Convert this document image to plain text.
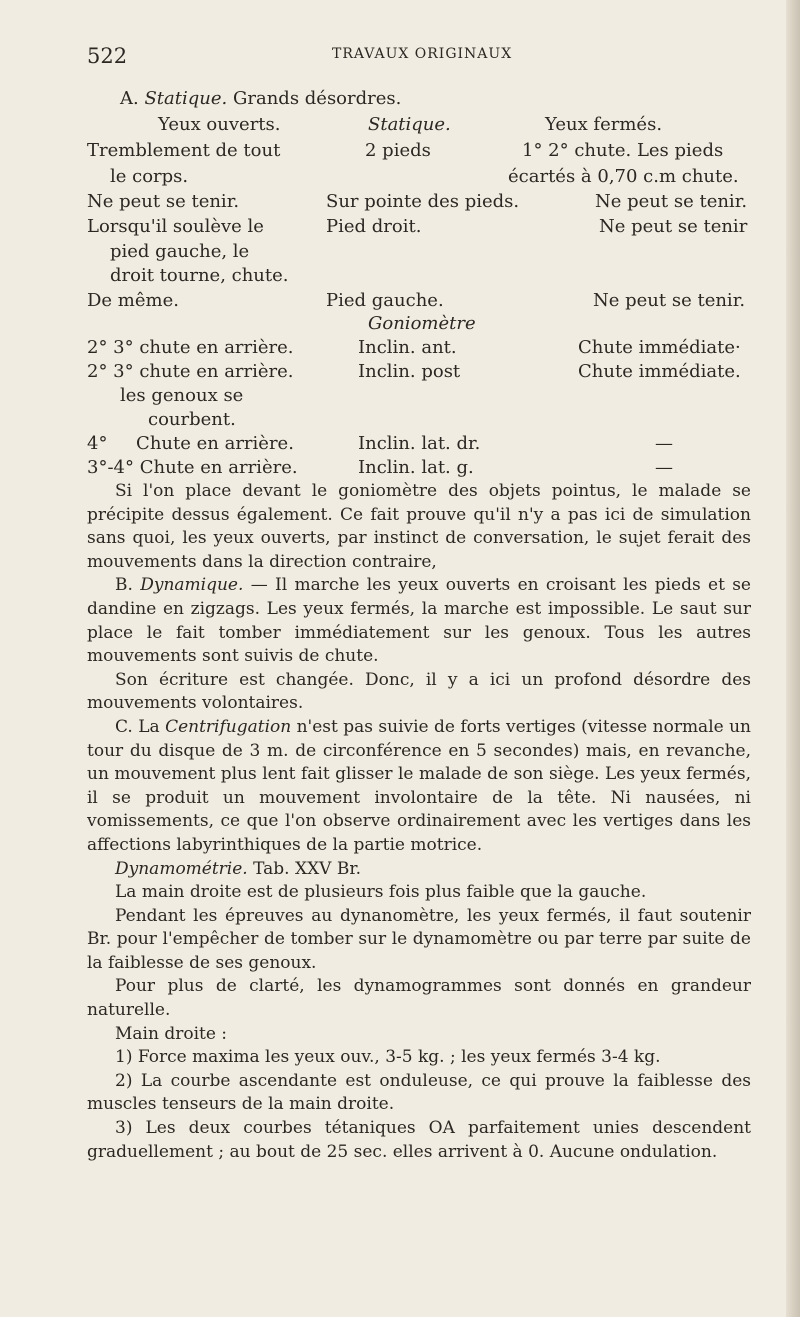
522	TRAVAUX ORIGINAUX
A. Statique. Grands désordres.
Yeux ouverts.	Statique.	Yeux fermés.
Tremblement de tout	2 pieds	1° 2° chute. Les pieds
le corps.	écartés à 0,70 c.m chute.
Ne peut se tenir.	Sur pointe des pieds.	Ne peut se tenir.
Lorsqu'il soulève le	Pied droit.	Ne peut se tenir
pied gauche, le
droit tourne, chute.
De même.	Pied gauche.	Ne peut se tenir.
Goniomètre
2° 3° chute en arrière.	Inclin. ant.	Chute immédiate·
2° 3° chute en arrière.	Inclin. post	Chute immédiate.
les genoux se
courbent.
4°     Chute en arrière.	Inclin. lat. dr.	—
3°-4° Chute en arrière.	Inclin. lat. g.	—

Si l'on place devant le goniomètre des objets pointus, le malade se précipite dessus également. Ce fait prouve qu'il n'y a pas ici de simulation sans quoi, les yeux ouverts, par instinct de conversation, le sujet ferait des mouvements dans la direction contraire,

B. Dynamique. — Il marche les yeux ouverts en croisant les pieds et se dandine en zigzags. Les yeux fermés, la marche est impossible. Le saut sur place le fait tomber immédiatement sur les genoux. Tous les autres mouvements sont suivis de chute.

Son écriture est changée. Donc, il y a ici un profond désordre des mouvements volontaires.

C. La Centrifugation n'est pas suivie de forts vertiges (vitesse normale un tour du disque de 3 m. de circonférence en 5 secondes) mais, en revanche, un mouvement plus lent fait glisser le malade de son siège. Les yeux fermés, il se produit un mouvement involontaire de la tête. Ni nausées, ni vomissements, ce que l'on observe ordinairement avec les vertiges dans les affections labyrinthiques de la partie motrice.

Dynamométrie. Tab. XXV Br.

La main droite est de plusieurs fois plus faible que la gauche.

Pendant les épreuves au dynanomètre, les yeux fermés, il faut soutenir Br. pour l'empêcher de tomber sur le dynamomètre ou par terre par suite de la faiblesse de ses genoux.

Pour plus de clarté, les dynamogrammes sont donnés en grandeur naturelle.

Main droite :

1) Force maxima les yeux ouv., 3-5 kg. ; les yeux fermés 3-4 kg.

2) La courbe ascendante est onduleuse, ce qui prouve la faiblesse des muscles tenseurs de la main droite.

3) Les deux courbes tétaniques OA parfaitement unies descendent graduellement ; au bout de 25 sec. elles arrivent à 0. Aucune ondulation.
